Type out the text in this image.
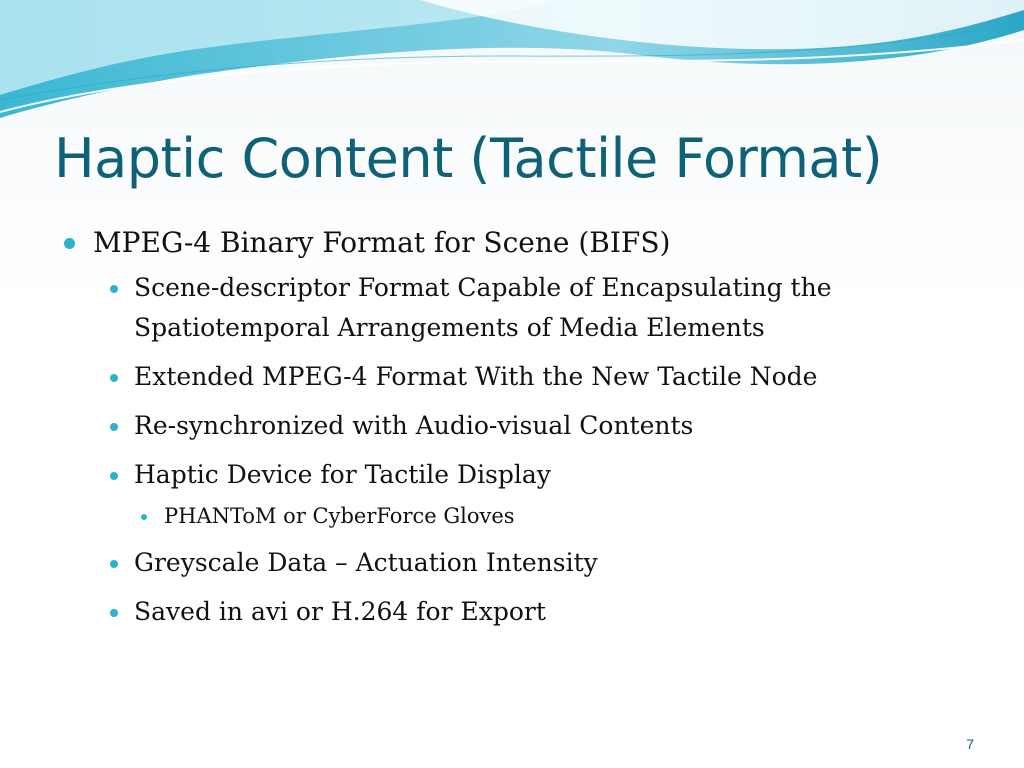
Haptic Content (Tactile Format)
MPEG-4 Binary Format for Scene (BIFS)
Scene-descriptor Format Capable of Encapsulating the Spatiotemporal Arrangements of Media Elements
Extended MPEG-4 Format With the New Tactile Node
Re-synchronized with Audio-visual Contents
Haptic Device for Tactile Display
PHANToM or CyberForce Gloves
Greyscale Data – Actuation Intensity
Saved in avi or H.264 for Export
7
